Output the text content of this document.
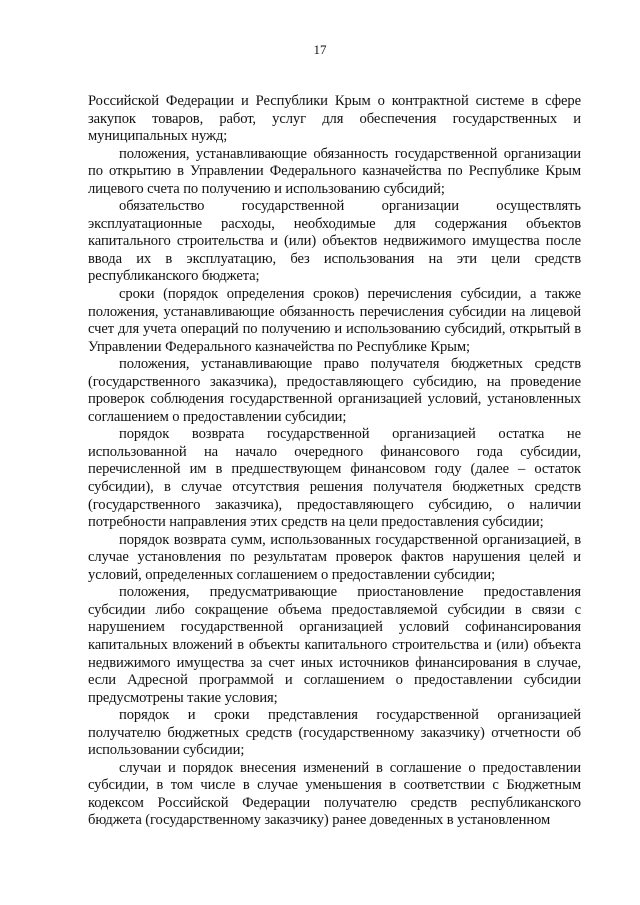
17

Российской Федерации и Республики Крым о контрактной системе в сфере закупок товаров, работ, услуг для обеспечения государственных и муниципальных нужд;

положения, устанавливающие обязанность государственной организации по открытию в Управлении Федерального казначейства по Республике Крым лицевого счета по получению и использованию субсидий;

обязательство государственной организации осуществлять эксплуатационные расходы, необходимые для содержания объектов капитального строительства и (или) объектов недвижимого имущества после ввода их в эксплуатацию, без использования на эти цели средств республиканского бюджета;

сроки (порядок определения сроков) перечисления субсидии, а также положения, устанавливающие обязанность перечисления субсидии на лицевой счет для учета операций по получению и использованию субсидий, открытый в Управлении Федерального казначейства по Республике Крым;

положения, устанавливающие право получателя бюджетных средств (государственного заказчика), предоставляющего субсидию, на проведение проверок соблюдения государственной организацией условий, установленных соглашением о предоставлении субсидии;

порядок возврата государственной организацией остатка не использованной на начало очередного финансового года субсидии, перечисленной им в предшествующем финансовом году (далее – остаток субсидии), в случае отсутствия решения получателя бюджетных средств (государственного заказчика), предоставляющего субсидию, о наличии потребности направления этих средств на цели предоставления субсидии;

порядок возврата сумм, использованных государственной организацией, в случае установления по результатам проверок фактов нарушения целей и условий, определенных соглашением о предоставлении субсидии;

положения, предусматривающие приостановление предоставления субсидии либо сокращение объема предоставляемой субсидии в связи с нарушением государственной организацией условий софинансирования капитальных вложений в объекты капитального строительства и (или) объекта недвижимого имущества за счет иных источников финансирования в случае, если Адресной программой и соглашением о предоставлении субсидии предусмотрены такие условия;

порядок и сроки представления государственной организацией получателю бюджетных средств (государственному заказчику) отчетности об использовании субсидии;

случаи и порядок внесения изменений в соглашение о предоставлении субсидии, в том числе в случае уменьшения в соответствии с Бюджетным кодексом Российской Федерации получателю средств республиканского бюджета (государственному заказчику) ранее доведенных в установленном
